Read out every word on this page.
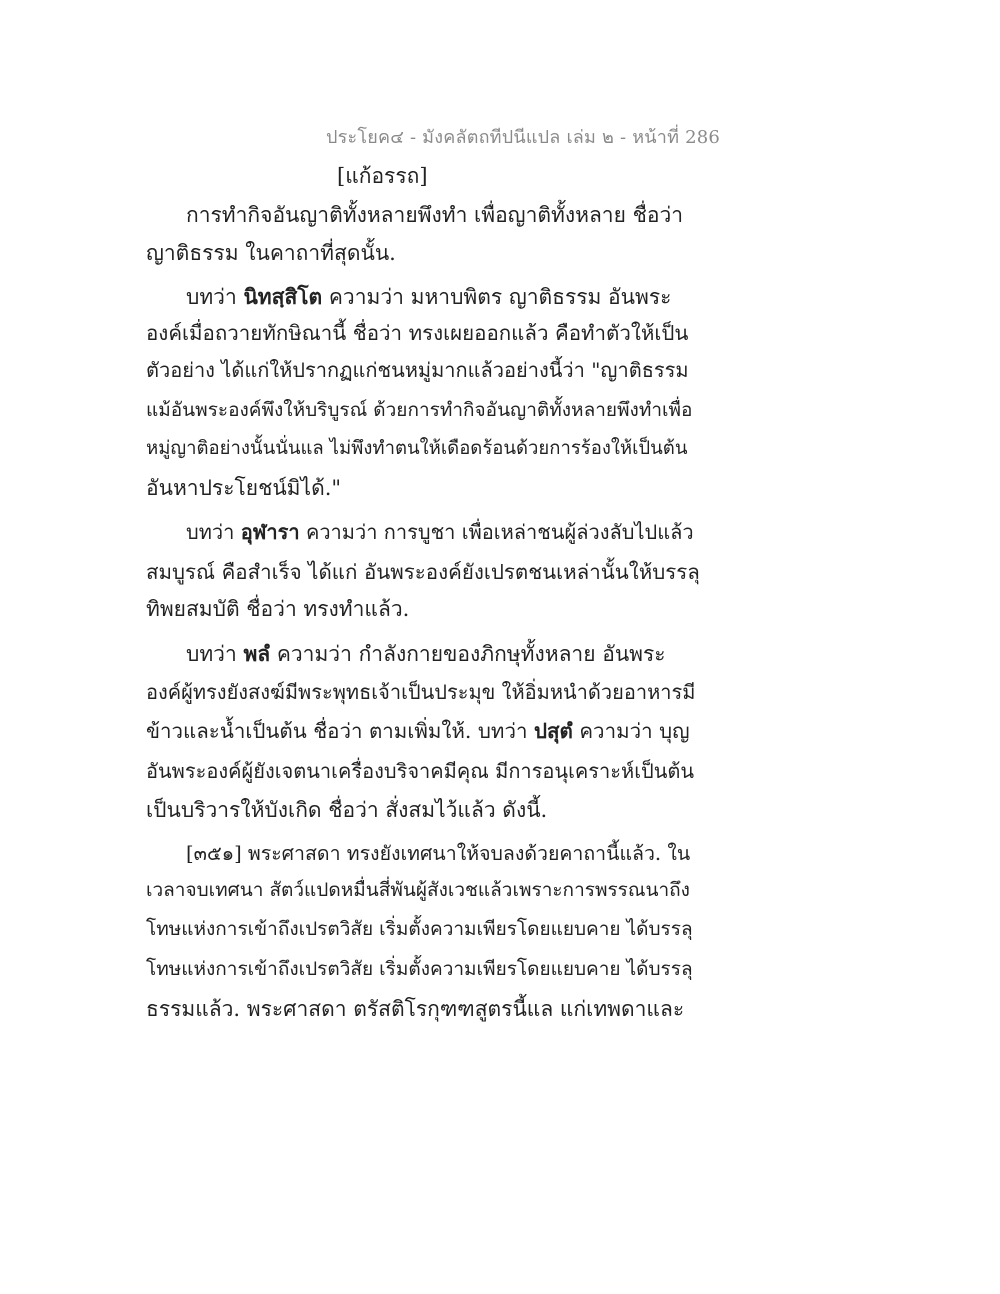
ประโยค๔ - มังคลัตถทีปนีแปล เล่ม ๒ - หน้าที่ 286
[แก้อรรถ]
การทำกิจอันญาติทั้งหลายพึงทำ เพื่อญาติทั้งหลาย ชื่อว่า
ญาติธรรม ในคาถาที่สุดนั้น.
บทว่า นิทสฺสิโต ความว่า มหาบพิตร ญาติธรรม อันพระ
องค์เมื่อถวายทักษิณานี้ ชื่อว่า ทรงเผยออกแล้ว คือทำตัวให้เป็น
ตัวอย่าง ได้แก่ให้ปรากฏแก่ชนหมู่มากแล้วอย่างนี้ว่า "ญาติธรรม
แม้อันพระองค์พึงให้บริบูรณ์ ด้วยการทำกิจอันญาติทั้งหลายพึงทำเพื่อ
หมู่ญาติอย่างนั้นนั่นแล ไม่พึงทำตนให้เดือดร้อนด้วยการร้องให้เป็นต้น
อันหาประโยชน์มิได้."
บทว่า อุฬารา ความว่า การบูชา เพื่อเหล่าชนผู้ล่วงลับไปแล้ว
สมบูรณ์ คือสำเร็จ ได้แก่ อันพระองค์ยังเปรตชนเหล่านั้นให้บรรลุ
ทิพยสมบัติ ชื่อว่า ทรงทำแล้ว.
บทว่า พลํ ความว่า กำลังกายของภิกษุทั้งหลาย อันพระ
องค์ผู้ทรงยังสงฆ์มีพระพุทธเจ้าเป็นประมุข ให้อิ่มหนำด้วยอาหารมี
ข้าวและน้ำเป็นต้น ชื่อว่า ตามเพิ่มให้. บทว่า ปสุตํ ความว่า บุญ
อันพระองค์ผู้ยังเจตนาเครื่องบริจาคมีคุณ มีการอนุเคราะห์เป็นต้น
เป็นบริวารให้บังเกิด ชื่อว่า สั่งสมไว้แล้ว ดังนี้.
[๓๕๑] พระศาสดา ทรงยังเทศนาให้จบลงด้วยคาถานี้แล้ว. ใน
เวลาจบเทศนา สัตว์แปดหมื่นสี่พันผู้สังเวชแล้วเพราะการพรรณนาถึง
โทษแห่งการเข้าถึงเปรตวิสัย เริ่มตั้งความเพียรโดยแยบคาย ได้บรรลุ
โทษแห่งการเข้าถึงเปรตวิสัย เริ่มตั้งความเพียรโดยแยบคาย ได้บรรลุ
ธรรมแล้ว. พระศาสดา ตรัสติโรกุฑฑสูตรนี้แล แก่เทพดาและ
